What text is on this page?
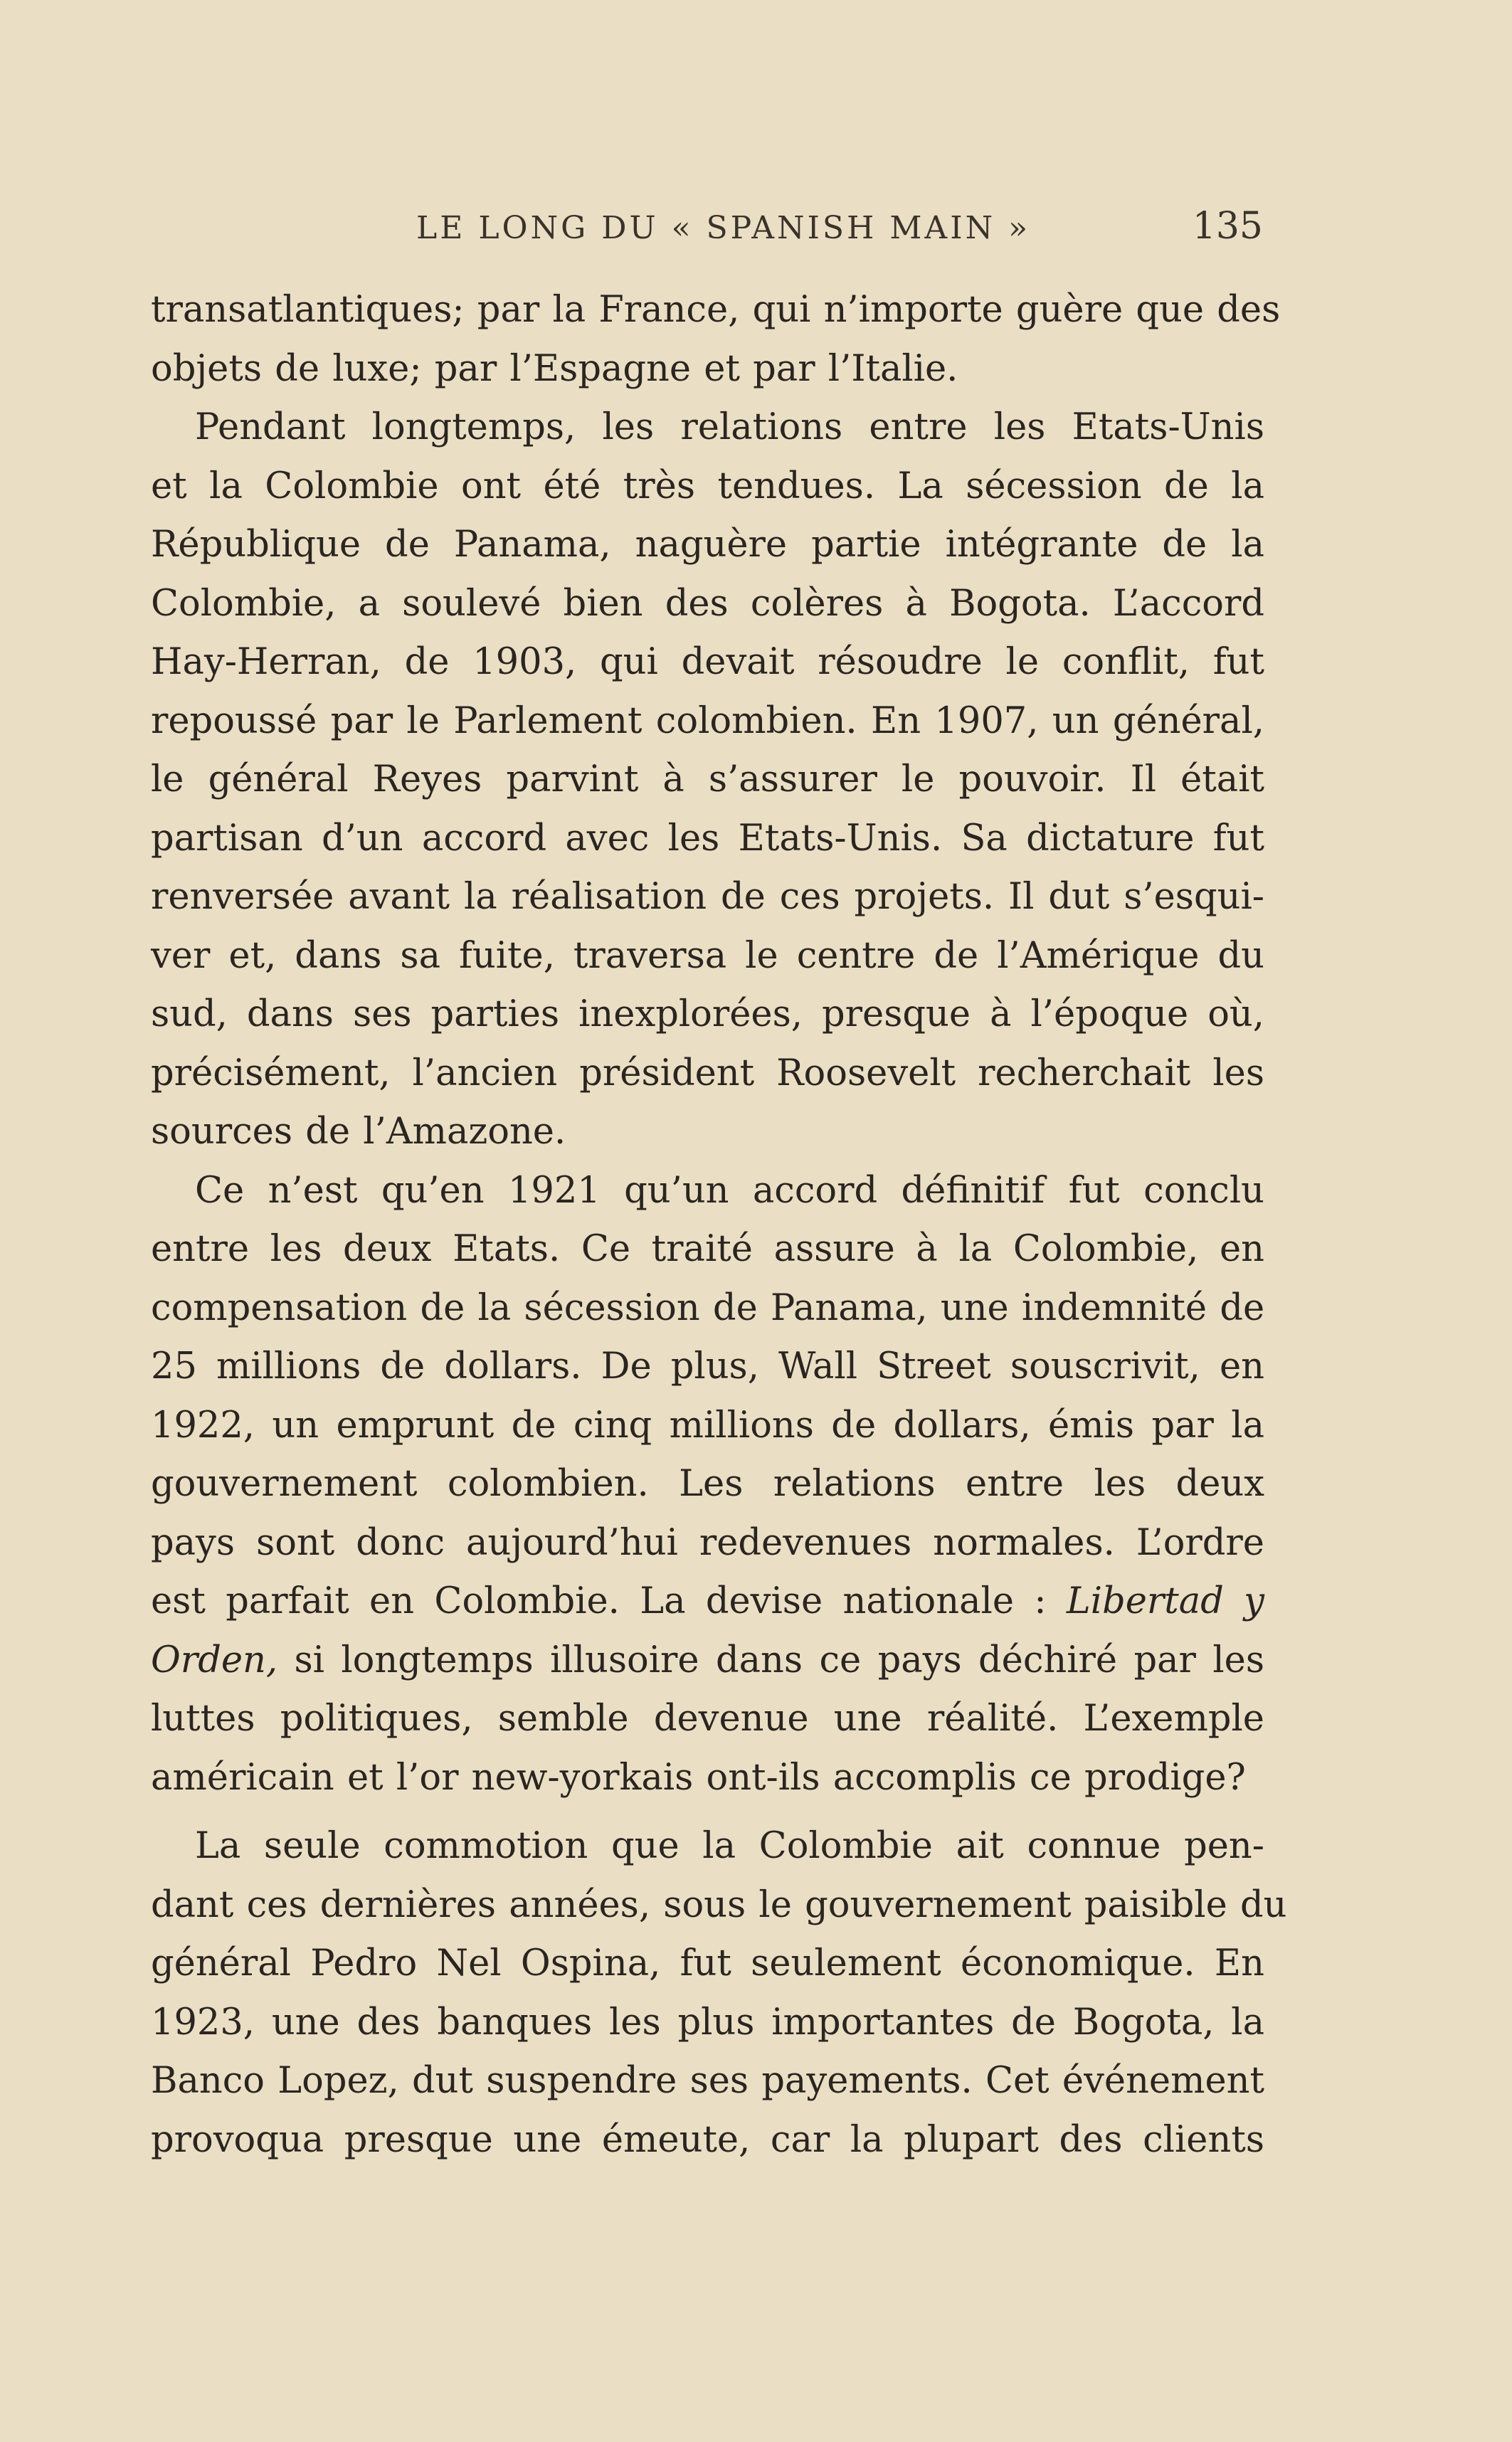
LE LONG DU « SPANISH MAIN »	135
transatlantiques; par la France, qui n’importe guère que des
objets de luxe; par l’Espagne et par l’Italie.
Pendant longtemps, les relations entre les Etats-Unis
et la Colombie ont été très tendues. La sécession de la
République de Panama, naguère partie intégrante de la
Colombie, a soulevé bien des colères à Bogota. L’accord
Hay-Herran, de 1903, qui devait résoudre le conflit, fut
repoussé par le Parlement colombien. En 1907, un général,
le général Reyes parvint à s’assurer le pouvoir. Il était
partisan d’un accord avec les Etats-Unis. Sa dictature fut
renversée avant la réalisation de ces projets. Il dut s’esqui-
ver et, dans sa fuite, traversa le centre de l’Amérique du
sud, dans ses parties inexplorées, presque à l’époque où,
précisément, l’ancien président Roosevelt recherchait les
sources de l’Amazone.
Ce n’est qu’en 1921 qu’un accord définitif fut conclu
entre les deux Etats. Ce traité assure à la Colombie, en
compensation de la sécession de Panama, une indemnité de
25 millions de dollars. De plus, Wall Street souscrivit, en
1922, un emprunt de cinq millions de dollars, émis par la
gouvernement colombien. Les relations entre les deux
pays sont donc aujourd’hui redevenues normales. L’ordre
est parfait en Colombie. La devise nationale : Libertad y
Orden, si longtemps illusoire dans ce pays déchiré par les
luttes politiques, semble devenue une réalité. L’exemple
américain et l’or new-yorkais ont-ils accomplis ce prodige?
La seule commotion que la Colombie ait connue pen-
dant ces dernières années, sous le gouvernement paisible du
général Pedro Nel Ospina, fut seulement économique. En
1923, une des banques les plus importantes de Bogota, la
Banco Lopez, dut suspendre ses payements. Cet événement
provoqua presque une émeute, car la plupart des clients
